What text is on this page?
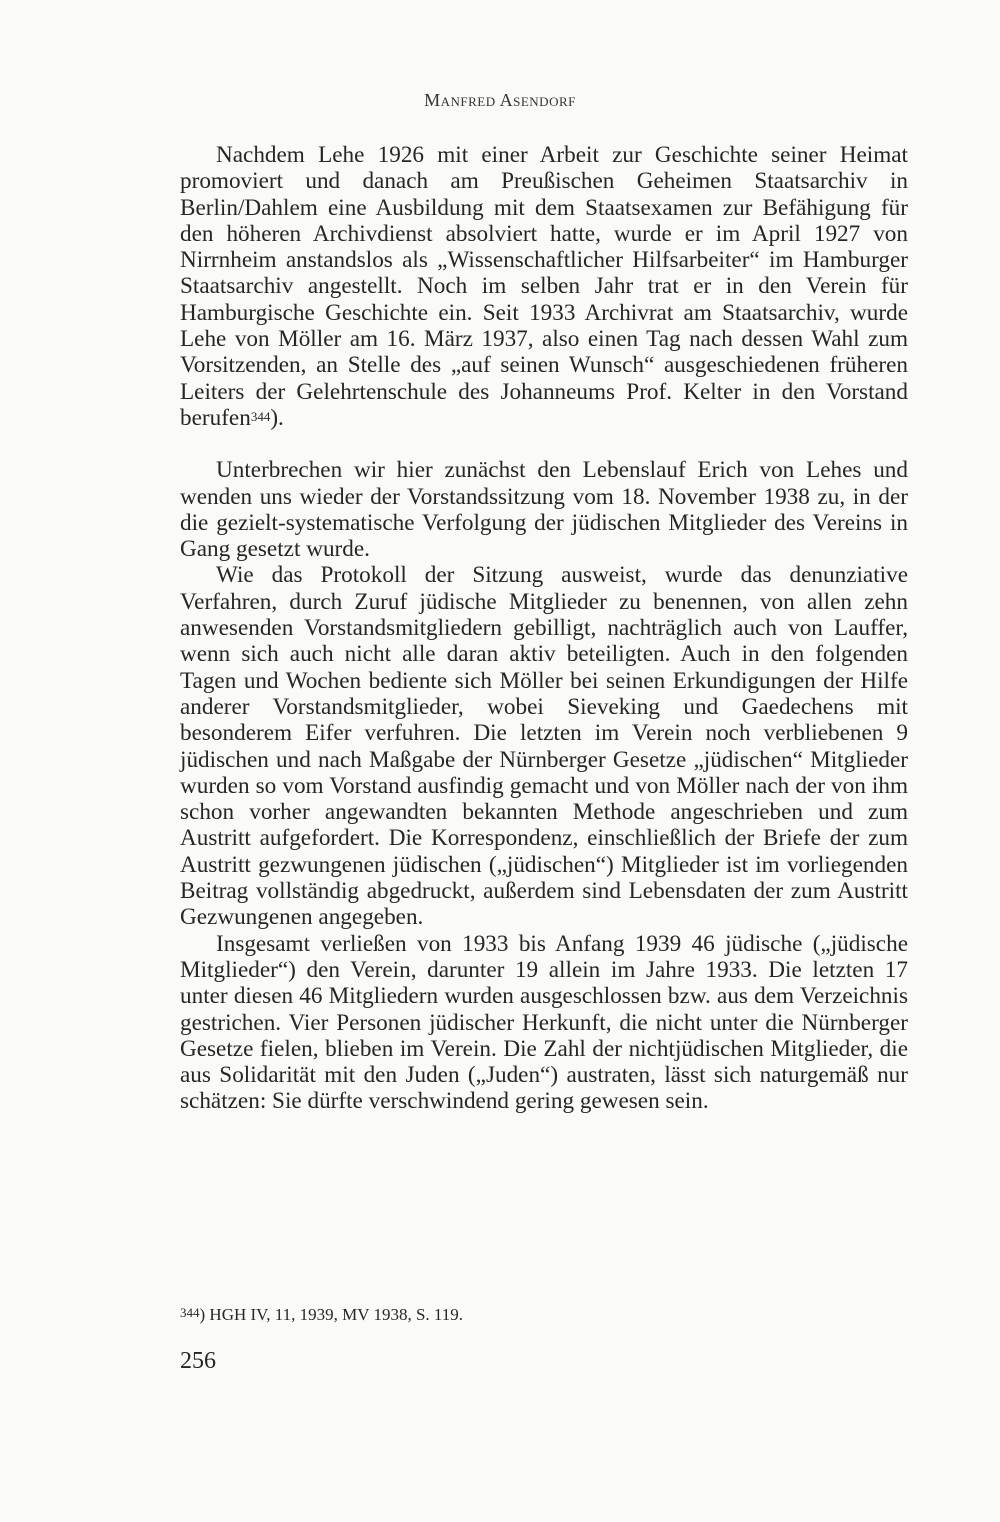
Manfred Asendorf

Nachdem Lehe 1926 mit einer Arbeit zur Geschichte seiner Heimat promoviert und danach am Preußischen Geheimen Staatsarchiv in Berlin/Dahlem eine Ausbildung mit dem Staatsexamen zur Befähigung für den höheren Archivdienst absolviert hatte, wurde er im April 1927 von Nirrnheim anstandslos als „Wissenschaftlicher Hilfsarbeiter“ im Hamburger Staatsarchiv angestellt. Noch im selben Jahr trat er in den Verein für Hamburgische Geschichte ein. Seit 1933 Archivrat am Staatsarchiv, wurde Lehe von Möller am 16. März 1937, also einen Tag nach dessen Wahl zum Vorsitzenden, an Stelle des „auf seinen Wunsch“ ausgeschiedenen früheren Leiters der Gelehrtenschule des Johanneums Prof. Kelter in den Vorstand berufen$^{344}$).

Unterbrechen wir hier zunächst den Lebenslauf Erich von Lehes und wenden uns wieder der Vorstandssitzung vom 18. November 1938 zu, in der die gezielt-systematische Verfolgung der jüdischen Mitglieder des Vereins in Gang gesetzt wurde.

Wie das Protokoll der Sitzung ausweist, wurde das denunziative Verfahren, durch Zuruf jüdische Mitglieder zu benennen, von allen zehn anwesenden Vorstandsmitgliedern gebilligt, nachträglich auch von Lauffer, wenn sich auch nicht alle daran aktiv beteiligten. Auch in den folgenden Tagen und Wochen bediente sich Möller bei seinen Erkundigungen der Hilfe anderer Vorstandsmitglieder, wobei Sieveking und Gaedechens mit besonderem Eifer verfuhren. Die letzten im Verein noch verbliebenen 9 jüdischen und nach Maßgabe der Nürnberger Gesetze „jüdischen“ Mitglieder wurden so vom Vorstand ausfindig gemacht und von Möller nach der von ihm schon vorher angewandten bekannten Methode angeschrieben und zum Austritt aufgefordert. Die Korrespondenz, einschließlich der Briefe der zum Austritt gezwungenen jüdischen („jüdischen“) Mitglieder ist im vorliegenden Beitrag vollständig abgedruckt, außerdem sind Lebensdaten der zum Austritt Gezwungenen angegeben.

Insgesamt verließen von 1933 bis Anfang 1939 46 jüdische („jüdische Mitglieder“) den Verein, darunter 19 allein im Jahre 1933. Die letzten 17 unter diesen 46 Mitgliedern wurden ausgeschlossen bzw. aus dem Verzeichnis gestrichen. Vier Personen jüdischer Herkunft, die nicht unter die Nürnberger Gesetze fielen, blieben im Verein. Die Zahl der nichtjüdischen Mitglieder, die aus Solidarität mit den Juden („Juden“) austraten, lässt sich naturgemäß nur schätzen: Sie dürfte verschwindend gering gewesen sein.

344) HGH IV, 11, 1939, MV 1938, S. 119.
256
